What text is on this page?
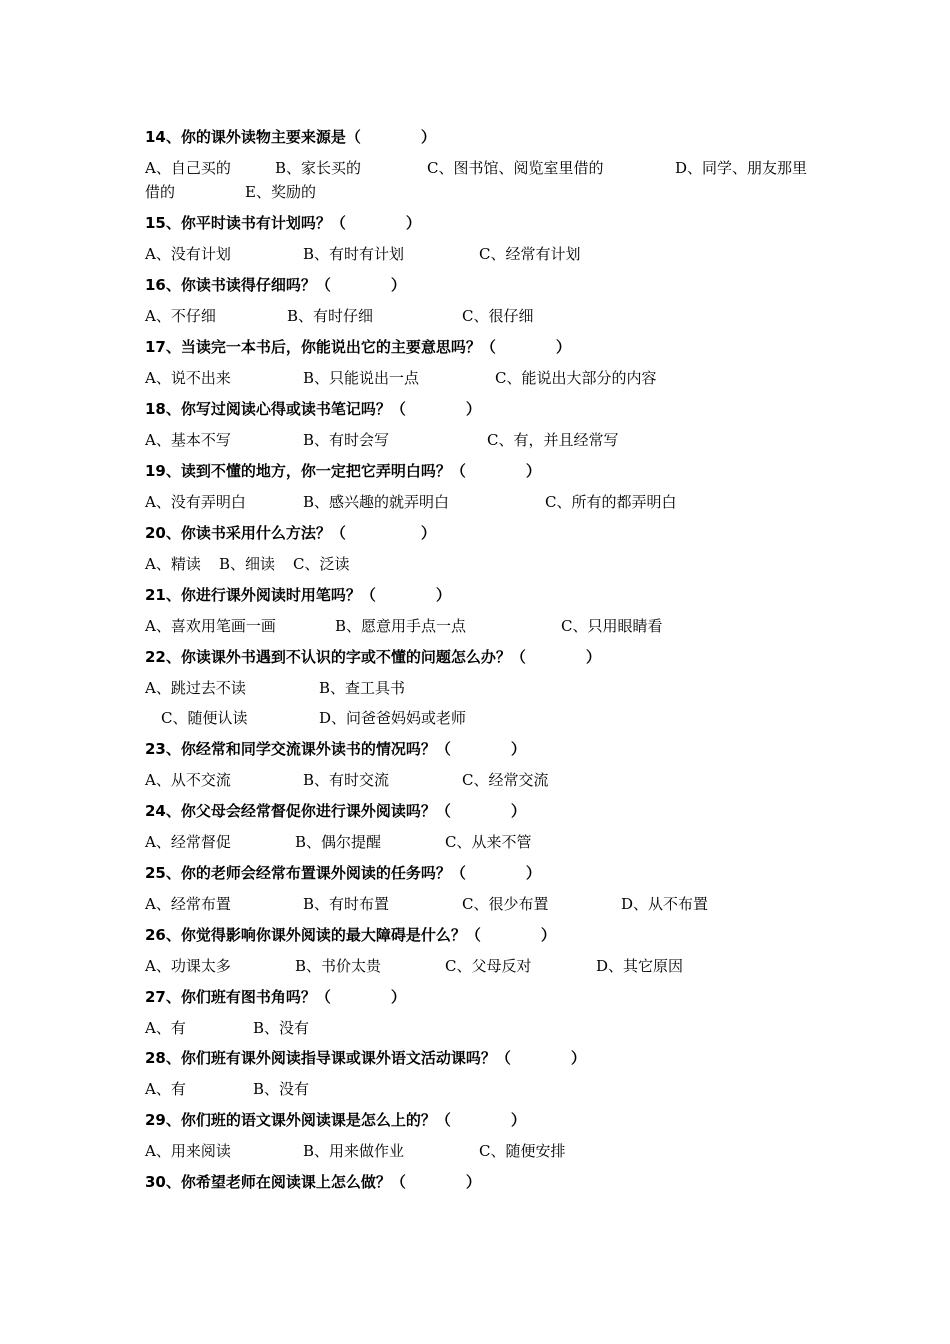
14、你的课外读物主要来源是（　　　　）
A、自己买的	B、家长买的	C、图书馆、阅览室里借的	D、同学、朋友那里
借的	E、奖励的
15、你平时读书有计划吗？（　　　　）
A、没有计划	B、有时有计划	C、经常有计划
16、你读书读得仔细吗？（　　　　）
A、不仔细	B、有时仔细	C、很仔细
17、当读完一本书后，你能说出它的主要意思吗？（　　　　）
A、说不出来	B、只能说出一点	C、能说出大部分的内容
18、你写过阅读心得或读书笔记吗？（　　　　）
A、基本不写	B、有时会写	C、有，并且经常写
19、读到不懂的地方，你一定把它弄明白吗？（　　　　）
A、没有弄明白	B、感兴趣的就弄明白	C、所有的都弄明白
20、你读书采用什么方法？（　　　　　）
A、精读 B、细读 C、泛读
21、你进行课外阅读时用笔吗？（　　　　）
A、喜欢用笔画一画	B、愿意用手点一点	C、只用眼睛看
22、你读课外书遇到不认识的字或不懂的问题怎么办？（　　　　）
A、跳过去不读	B、查工具书
C、随便认读	D、问爸爸妈妈或老师
23、你经常和同学交流课外读书的情况吗？（　　　　）
A、从不交流	B、有时交流	C、经常交流
24、你父母会经常督促你进行课外阅读吗？（　　　　）
A、经常督促	B、偶尔提醒	C、从来不管
25、你的老师会经常布置课外阅读的任务吗？（　　　　）
A、经常布置	B、有时布置	C、很少布置	D、从不布置
26、你觉得影响你课外阅读的最大障碍是什么？（　　　　）
A、功课太多	B、书价太贵	C、父母反对	D、其它原因
27、你们班有图书角吗？（　　　　）
A、有	B、没有
28、你们班有课外阅读指导课或课外语文活动课吗？（　　　　）
A、有	B、没有
29、你们班的语文课外阅读课是怎么上的？（　　　　）
A、用来阅读	B、用来做作业	C、随便安排
30、你希望老师在阅读课上怎么做？（　　　　）
